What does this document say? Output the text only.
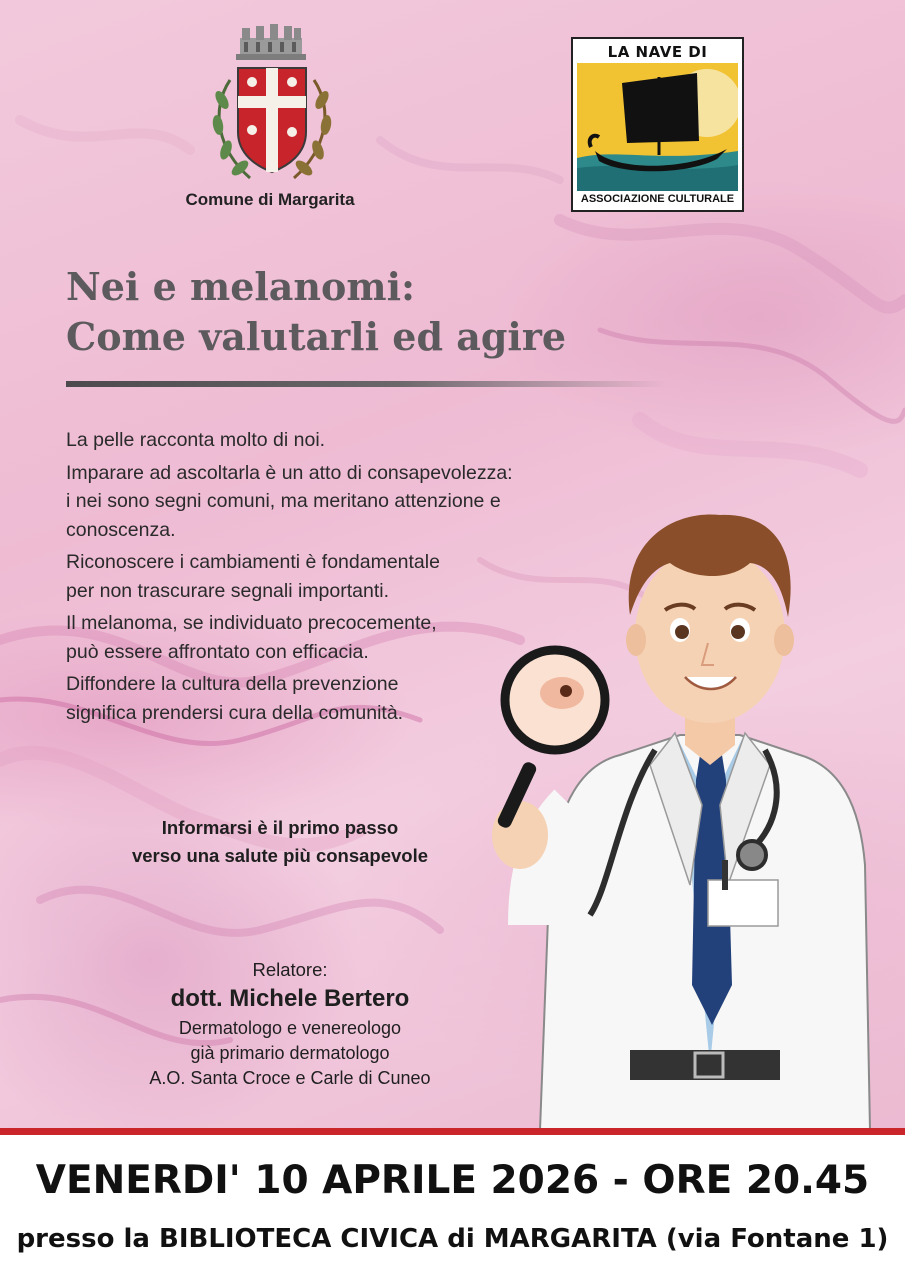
Comune di Margarita
LA NAVE DI
ASSOCIAZIONE CULTURALE
Nei e melanomi:
Come valutarli ed agire

La pelle racconta molto di noi.

Imparare ad ascoltarla è un atto di consapevolezza:
i nei sono segni comuni, ma meritano attenzione e
conoscenza.

Riconoscere i cambiamenti è fondamentale
per non trascurare segnali importanti.

Il melanoma, se individuato precocemente,
può essere affrontato con efficacia.

Diffondere la cultura della prevenzione
significa prendersi cura della comunità.

Informarsi è il primo passo
verso una salute più consapevole
Relatore:
dott. Michele Bertero
Dermatologo e venereologo
già primario dermatologo
A.O. Santa Croce e Carle di Cuneo
VENERDI' 10 APRILE 2026 - ORE 20.45
presso la BIBLIOTECA CIVICA di MARGARITA (via Fontane 1)
